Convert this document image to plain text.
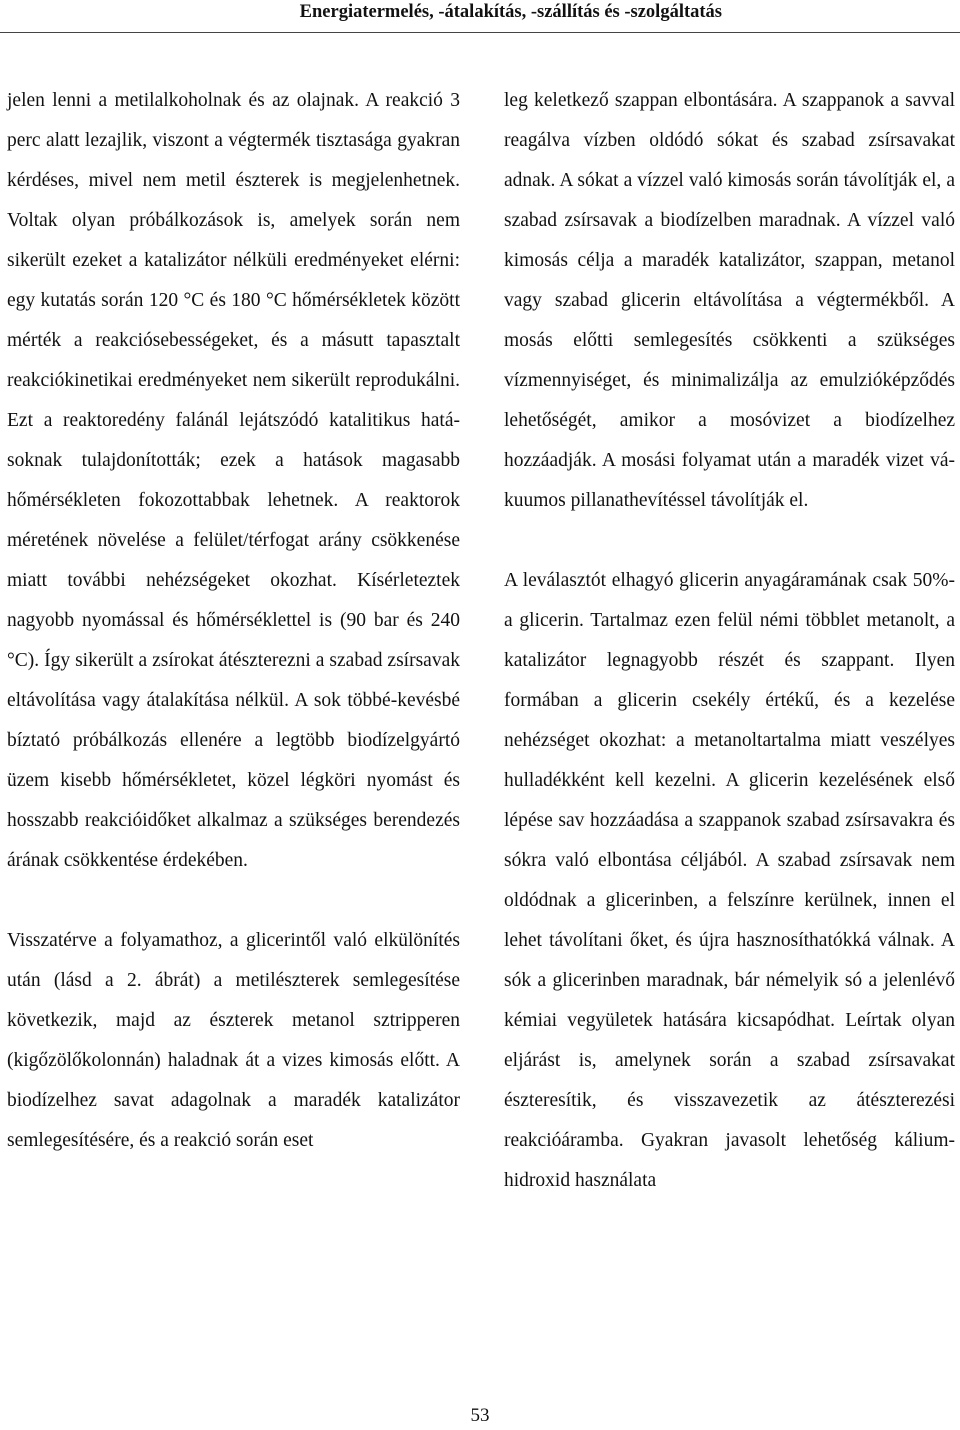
Energiatermelés, -átalakítás, -szállítás és -szolgáltatás

jelen lenni a metilalkoholnak és az olajnak. A reakció 3 perc alatt lezajlik, viszont a végtermék tisztasága gyakran kérdéses, mivel nem metil észterek is megjelenhetnek. Voltak olyan próbálkozások is, amelyek során nem sikerült ezeket a katalizátor nélküli eredményeket elérni: egy kutatás során 120 °C és 180 °C hőmérsékletek között mérték a reakciósebességeket, és a másutt tapasztalt reakciókinetikai eredményeket nem sikerült reprodukálni. Ezt a reaktoredény falánál lejátszódó katalitikus hatásoknak tulajdonították; ezek a hatások magasabb hőmérsékleten fokozottabbak lehetnek. A reaktorok méretének növelése a felület/térfogat arány csökkenése miatt további nehézségeket okozhat. Kísérleteztek nagyobb nyomással és hőmérséklettel is (90 bar és 240 °C). Így sikerült a zsírokat átészterezni a szabad zsírsavak eltávolítása vagy átalakítása nélkül. A sok többé-kevésbé bíztató próbálkozás ellenére a legtöbb biodízelgyártó üzem kisebb hőmérsékletet, közel légköri nyomást és hosszabb reakcióidőket alkalmaz a szükséges berendezés árának csökkentése érdekében.

Visszatérve a folyamathoz, a glicerintől való elkülönítés után (lásd a 2. ábrát) a metilészterek semlegesítése következik, majd az észterek metanol sztripperen (kigőzölőkolonnán) haladnak át a vizes kimosás előtt. A biodízelhez savat adagolnak a maradék katalizátor semlegesítésére, és a reakció során eset

leg keletkező szappan elbontására. A szappanok a savval reagálva vízben oldódó sókat és szabad zsírsavakat adnak. A sókat a vízzel való kimosás során távolítják el, a szabad zsírsavak a biodízelben maradnak. A vízzel való kimosás célja a maradék katalizátor, szappan, metanol vagy szabad glicerin eltávolítása a végtermékből. A mosás előtti semlegesítés csökkenti a szükséges vízmennyiséget, és minimalizálja az emulzióképződés lehetőségét, amikor a mosóvizet a biodízelhez hozzáadják. A mosási folyamat után a maradék vizet vákuumos pillanathevítéssel távolítják el.

A leválasztót elhagyó glicerin anyagáramának csak 50%-a glicerin. Tartalmaz ezen felül némi többlet metanolt, a katalizátor legnagyobb részét és szappant. Ilyen formában a glicerin csekély értékű, és a kezelése nehézséget okozhat: a metanoltartalma miatt veszélyes hulladékként kell kezelni. A glicerin kezelésének első lépése sav hozzáadása a szappanok szabad zsírsavakra és sókra való elbontása céljából. A szabad zsírsavak nem oldódnak a glicerinben, a felszínre kerülnek, innen el lehet távolítani őket, és újra hasznosíthatókká válnak. A sók a glicerinben maradnak, bár némelyik só a jelenlévő kémiai vegyületek hatására kicsapódhat. Leírtak olyan eljárást is, amelynek során a szabad zsírsavakat észteresítik, és visszavezetik az átészterezési reakcióáramba. Gyakran javasolt lehetőség kálium-hidroxid használata

53
